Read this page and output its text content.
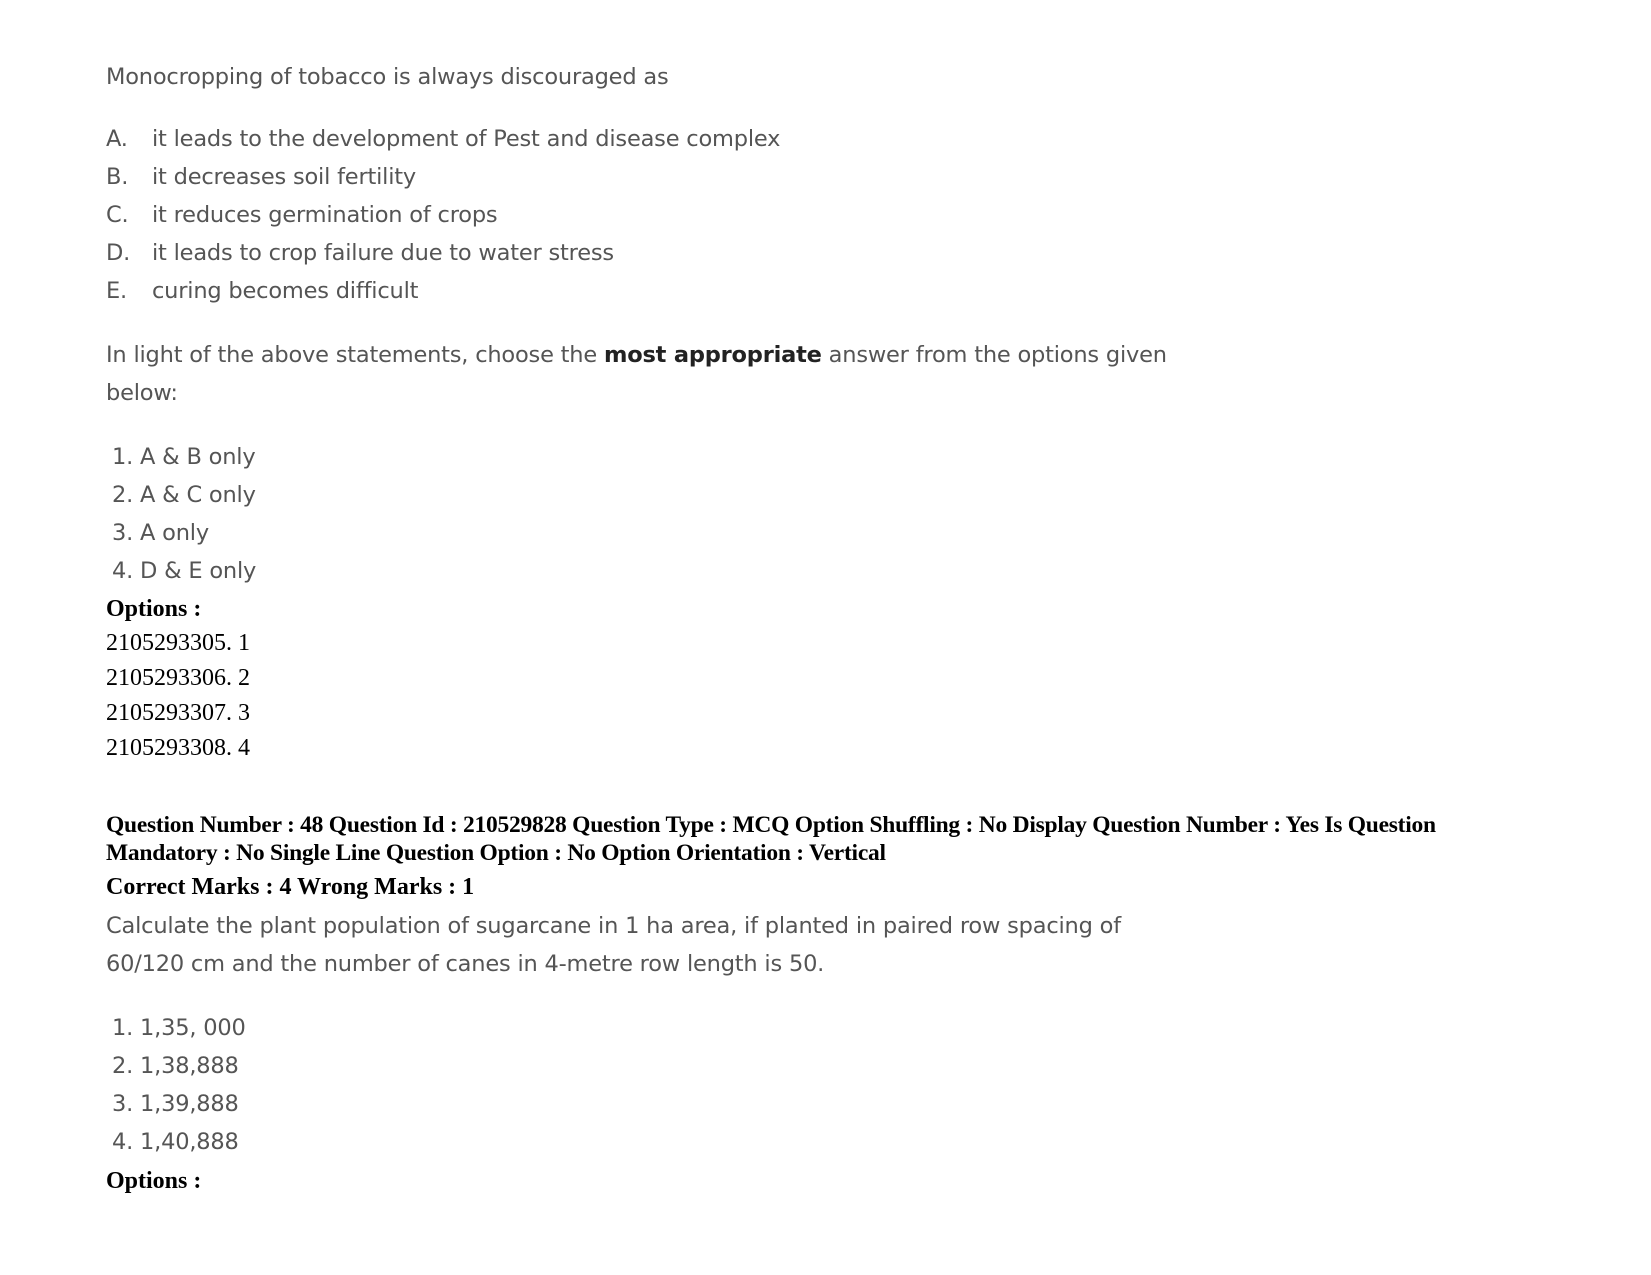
Monocropping of tobacco is always discouraged as
A. it leads to the development of Pest and disease complex
B. it decreases soil fertility
C. it reduces germination of crops
D. it leads to crop failure due to water stress
E. curing becomes difficult
In light of the above statements, choose the most appropriate answer from the options given
below:
1. A & B only
2. A & C only
3. A only
4. D & E only
Options :
2105293305. 1
2105293306. 2
2105293307. 3
2105293308. 4
Question Number : 48 Question Id : 210529828 Question Type : MCQ Option Shuffling : No Display Question Number : Yes Is Question
Mandatory : No Single Line Question Option : No Option Orientation : Vertical
Correct Marks : 4 Wrong Marks : 1
Calculate the plant population of sugarcane in 1 ha area, if planted in paired row spacing of
60/120 cm and the number of canes in 4-metre row length is 50.
1. 1,35, 000
2. 1,38,888
3. 1,39,888
4. 1,40,888
Options :
